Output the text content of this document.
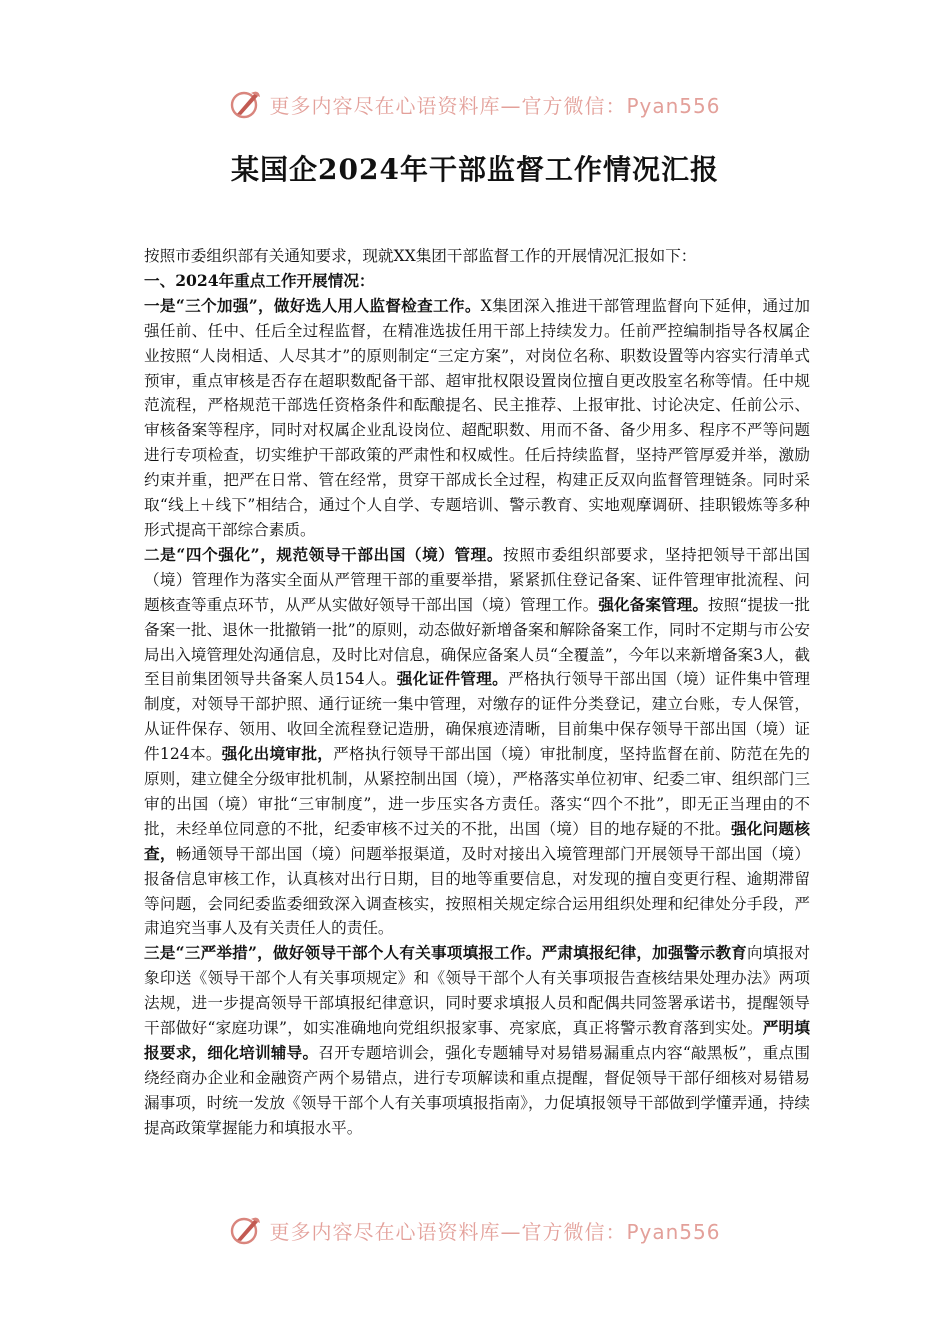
更多内容尽在心语资料库—官方微信：Pyan556
某国企2024年干部监督工作情况汇报

按照市委组织部有关通知要求，现就XX集团干部监督工作的开展情况汇报如下：

一、2024年重点工作开展情况：

一是“三个加强”，做好选人用人监督检查工作。X集团深入推进干部管理监督向下延伸，通过加强任前、任中、任后全过程监督，在精准选拔任用干部上持续发力。任前严控编制指导各权属企业按照“人岗相适、人尽其才”的原则制定“三定方案”，对岗位名称、职数设置等内容实行清单式预审，重点审核是否存在超职数配备干部、超审批权限设置岗位擅自更改股室名称等情。任中规范流程，严格规范干部选任资格条件和酝酿提名、民主推荐、上报审批、讨论决定、任前公示、审核备案等程序，同时对权属企业乱设岗位、超配职数、用而不备、备少用多、程序不严等问题进行专项检查，切实维护干部政策的严肃性和权威性。任后持续监督，坚持严管厚爱并举，激励约束并重，把严在日常、管在经常，贯穿干部成长全过程，构建正反双向监督管理链条。同时采取“线上＋线下”相结合，通过个人自学、专题培训、警示教育、实地观摩调研、挂职锻炼等多种形式提高干部综合素质。

二是“四个强化”，规范领导干部出国（境）管理。按照市委组织部要求，坚持把领导干部出国（境）管理作为落实全面从严管理干部的重要举措，紧紧抓住登记备案、证件管理审批流程、问题核查等重点环节，从严从实做好领导干部出国（境）管理工作。强化备案管理。按照“提拔一批备案一批、退休一批撤销一批”的原则，动态做好新增备案和解除备案工作，同时不定期与市公安局出入境管理处沟通信息，及时比对信息，确保应备案人员“全覆盖”，今年以来新增备案3人，截至目前集团领导共备案人员154人。强化证件管理。严格执行领导干部出国（境）证件集中管理制度，对领导干部护照、通行证统一集中管理，对缴存的证件分类登记，建立台账，专人保管，从证件保存、领用、收回全流程登记造册，确保痕迹清晰，目前集中保存领导干部出国（境）证件124本。强化出境审批，严格执行领导干部出国（境）审批制度，坚持监督在前、防范在先的原则，建立健全分级审批机制，从紧控制出国（境），严格落实单位初审、纪委二审、组织部门三审的出国（境）审批“三审制度”，进一步压实各方责任。落实“四个不批”，即无正当理由的不批，未经单位同意的不批，纪委审核不过关的不批，出国（境）目的地存疑的不批。强化问题核查，畅通领导干部出国（境）问题举报渠道，及时对接出入境管理部门开展领导干部出国（境）报备信息审核工作，认真核对出行日期，目的地等重要信息，对发现的擅自变更行程、逾期滞留等问题，会同纪委监委细致深入调查核实，按照相关规定综合运用组织处理和纪律处分手段，严肃追究当事人及有关责任人的责任。

三是“三严举措”，做好领导干部个人有关事项填报工作。严肃填报纪律，加强警示教育向填报对象印送《领导干部个人有关事项规定》和《领导干部个人有关事项报告查核结果处理办法》两项法规，进一步提高领导干部填报纪律意识，同时要求填报人员和配偶共同签署承诺书，提醒领导干部做好“家庭功课”，如实准确地向党组织报家事、亮家底，真正将警示教育落到实处。严明填报要求，细化培训辅导。召开专题培训会，强化专题辅导对易错易漏重点内容“敲黑板”，重点围绕经商办企业和金融资产两个易错点，进行专项解读和重点提醒，督促领导干部仔细核对易错易漏事项，时统一发放《领导干部个人有关事项填报指南》，力促填报领导干部做到学懂弄通，持续提高政策掌握能力和填报水平。

更多内容尽在心语资料库—官方微信：Pyan556
